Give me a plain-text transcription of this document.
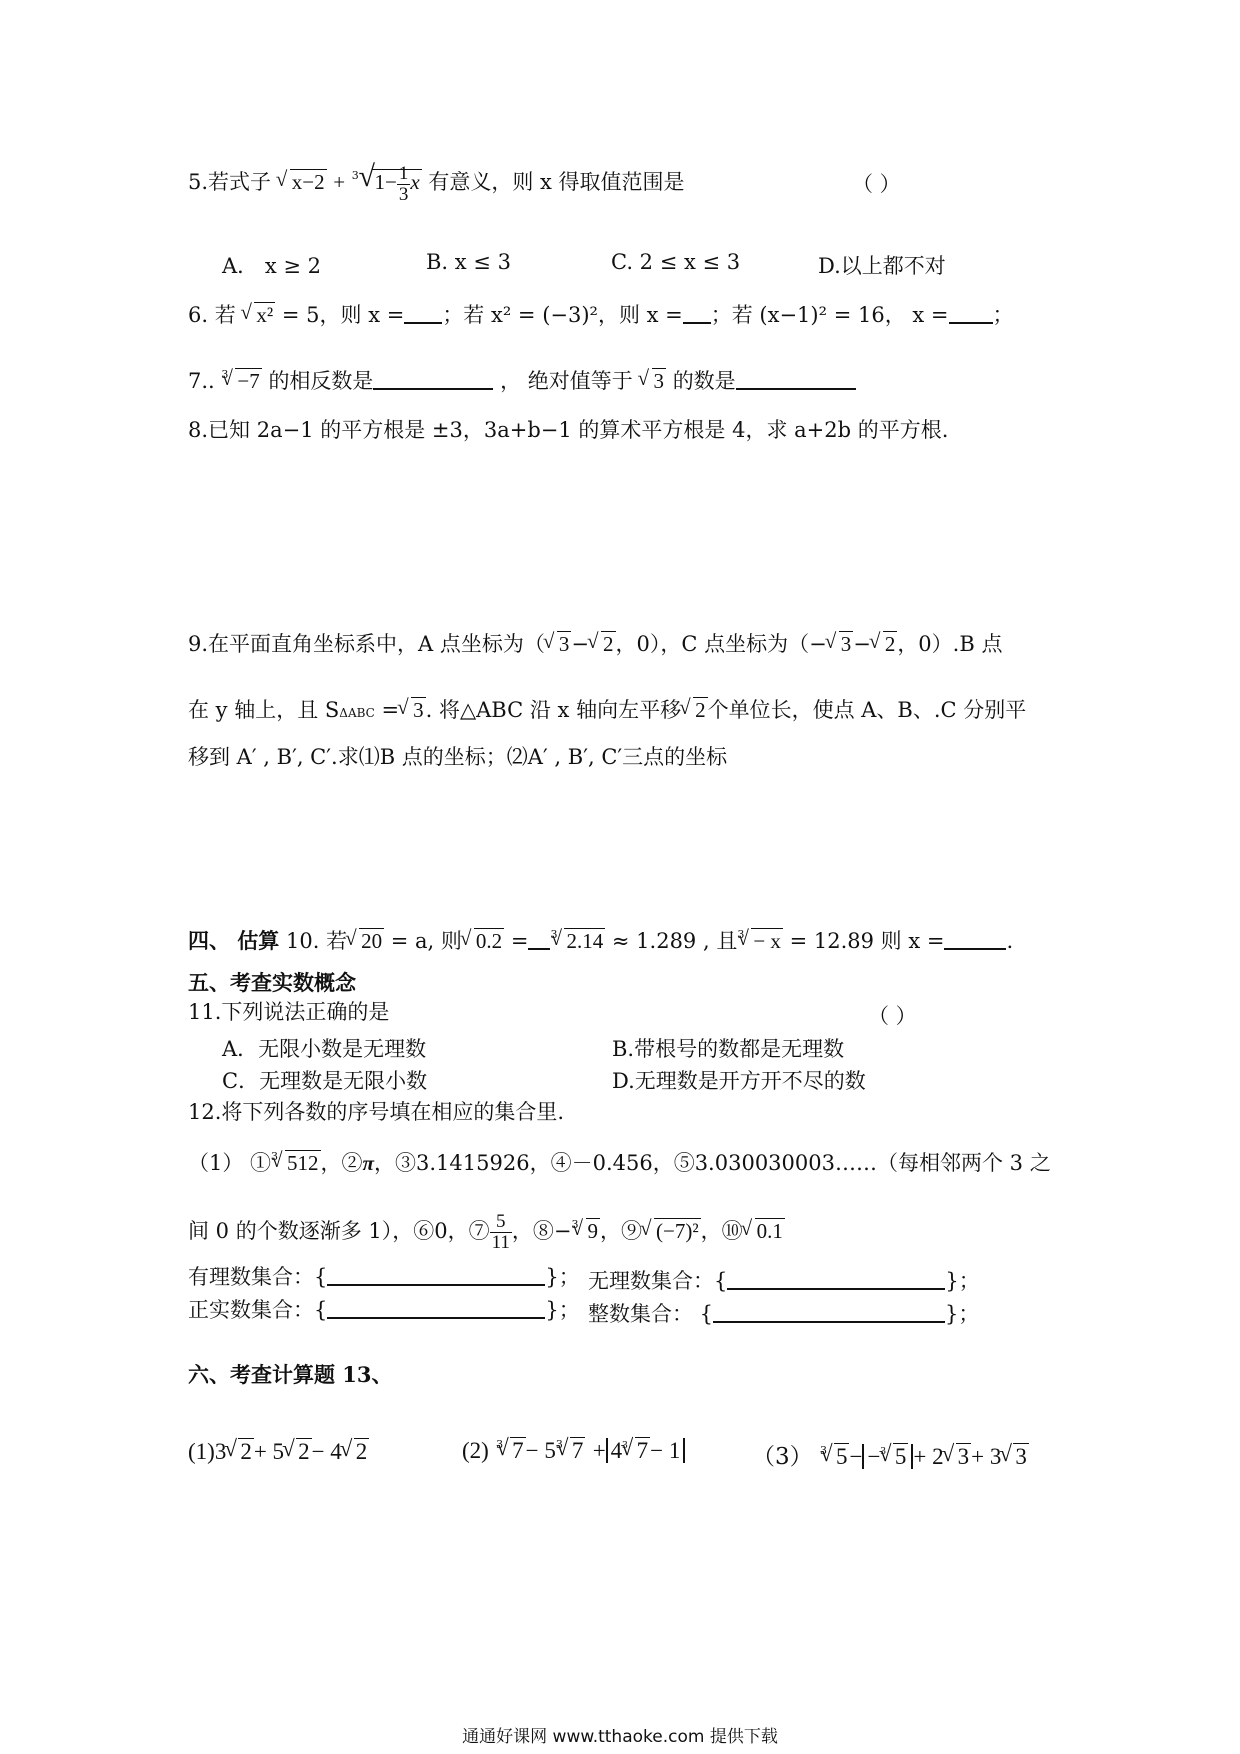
5.若式子 √ x−2 + $^3$ √ $1- \frac{1}{3}$ x 有意义，则 x 得取值范围是	（ ）
A． x ≥ 2	B. x ≤ 3	C. 2 ≤ x ≤ 3	D.以上都不对
6. 若 √ x² = 5，则 x = ；若 x² = (−3)²，则 x = ；若 (x−1)² = 16， x = ；
7.. $^3$√ −7 的相反数是	， 绝对值等于 √ 3 的数是
8.已知 2a−1 的平方根是 ±3，3a+b−1 的算术平方根是 4，求 a+2b 的平方根.
9.在平面直角坐标系中，A 点坐标为（√ 3−√ 2，0），C 点坐标为（−√ 3−√ 2，0）.B 点
在 y 轴上，且 SΔABC =√ 3. 将△ABC 沿 x 轴向左平移√ 2个单位长，使点 A、B、.C 分别平
移到 A′ , B′, C′.求⑴B 点的坐标；⑵A′ , B′, C′三点的坐标
四、 估算 10. 若√ 20 = a, 则√ 0.2 = $^3$√ 2.14 ≈ 1.289 , 且$^3$√ − x = 12.89 则 x =	.
五、考查实数概念
11.下列说法正确的是	（ ）
A．无限小数是无理数	B.带根号的数都是无理数
C．无理数是无限小数	D.无理数是开方开不尽的数
12.将下列各数的序号填在相应的集合里.
（1） ①$^3$√ 512，②π，③3.1415926，④－0.456，⑤3.030030003……（每相邻两个 3 之
间 0 的个数逐渐多 1），⑥0，⑦ $\frac{5}{11}$ ，⑧−$^3$√ 9，⑨√ (−7)²，⑩√ 0.1
有理数集合：{	}； 无理数集合：{	}；
正实数集合：{	}； 整数集合： {	}；
六、考查计算题 13、
(1)3√ 2+ 5√ 2− 4√ 2	(2) $^3$√ $7- 5^3√$ $7 + 4^3√$ 7− 1	（3） $^3$√ 5− −$^3$√ 5 + 2√ 3+ 3√ 3
通通好课网 www.tthaoke.com 提供下载
